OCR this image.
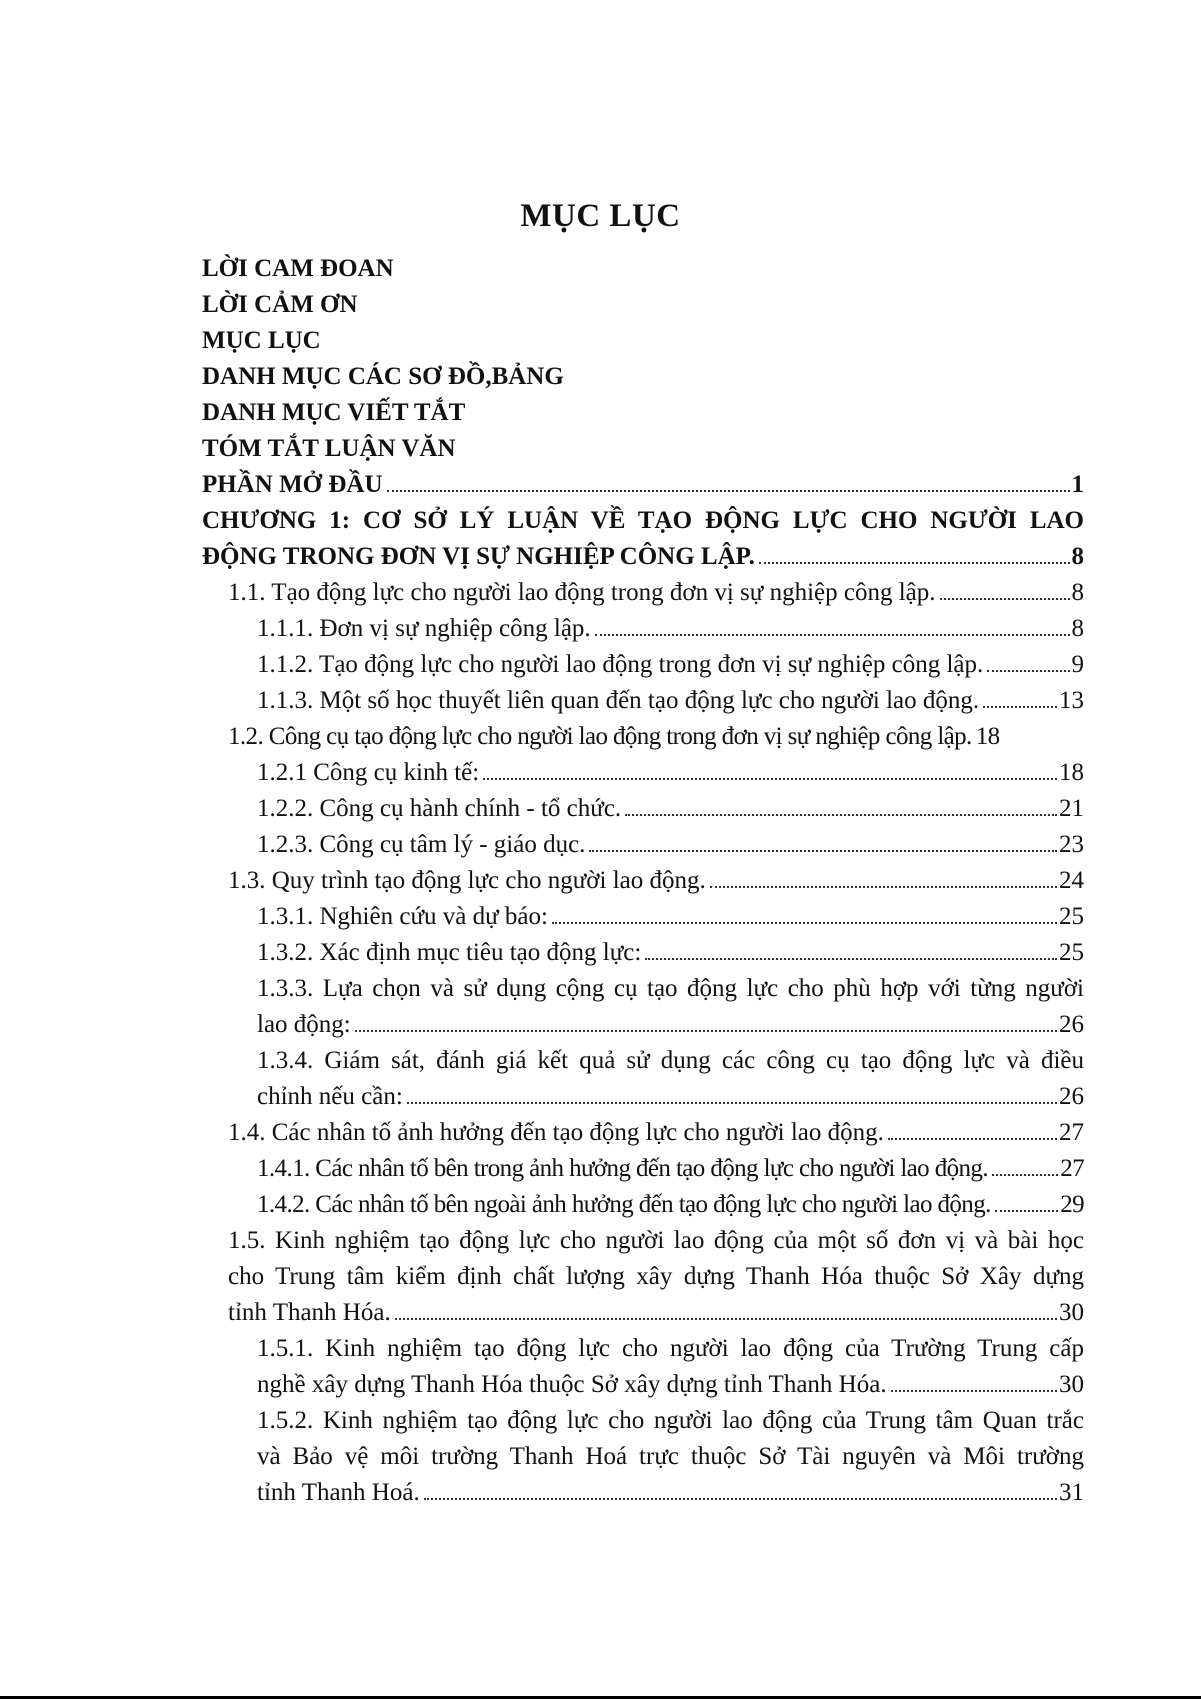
MỤC LỤC
LỜI CAM ĐOAN
LỜI CẢM ƠN
MỤC LỤC
DANH MỤC CÁC SƠ ĐỒ,BẢNG
DANH MỤC VIẾT TẮT
TÓM TẮT LUẬN VĂN
PHẦN MỞ ĐẦU	1
CHƯƠNG 1: CƠ SỞ LÝ LUẬN VỀ TẠO ĐỘNG LỰC CHO NGƯỜI LAO
ĐỘNG TRONG ĐƠN VỊ SỰ NGHIỆP CÔNG LẬP.	8
1.1. Tạo động lực cho người lao động trong đơn vị sự nghiệp công lập.	8
1.1.1. Đơn vị sự nghiệp công lập.	8
1.1.2. Tạo động lực cho người lao động trong đơn vị sự nghiệp công lập.	9
1.1.3. Một số học thuyết liên quan đến tạo động lực cho người lao động.	13
1.2. Công cụ tạo động lực cho người lao động trong đơn vị sự nghiệp công lập. 18
1.2.1 Công cụ kinh tế:	18
1.2.2. Công cụ hành chính - tổ chức.	21
1.2.3. Công cụ tâm lý - giáo dục.	23
1.3. Quy trình tạo động lực cho người lao động.	24
1.3.1. Nghiên cứu và dự báo:	25
1.3.2. Xác định mục tiêu tạo động lực:	25
1.3.3. Lựa chọn và sử dụng cộng cụ tạo động lực cho phù hợp với từng người
lao động:	26
1.3.4. Giám sát, đánh giá kết quả sử dụng các công cụ tạo động lực và điều
chỉnh nếu cần:	26
1.4. Các nhân tố ảnh hưởng đến tạo động lực cho người lao động.	27
1.4.1. Các nhân tố bên trong ảnh hưởng đến tạo động lực cho người lao động.	27
1.4.2. Các nhân tố bên ngoài ảnh hưởng đến tạo động lực cho người lao động.	29
1.5. Kinh nghiệm tạo động lực cho người lao động của một số đơn vị và bài học
cho Trung tâm kiểm định chất lượng xây dựng Thanh Hóa thuộc Sở Xây dựng
tỉnh Thanh Hóa.	30
1.5.1. Kinh nghiệm tạo động lực cho người lao động của Trường Trung cấp
nghề xây dựng Thanh Hóa thuộc Sở xây dựng tỉnh Thanh Hóa.	30
1.5.2. Kinh nghiệm tạo động lực cho người lao động của Trung tâm Quan trắc
và Bảo vệ môi trường Thanh Hoá trực thuộc Sở Tài nguyên và Môi trường
tỉnh Thanh Hoá.	31
